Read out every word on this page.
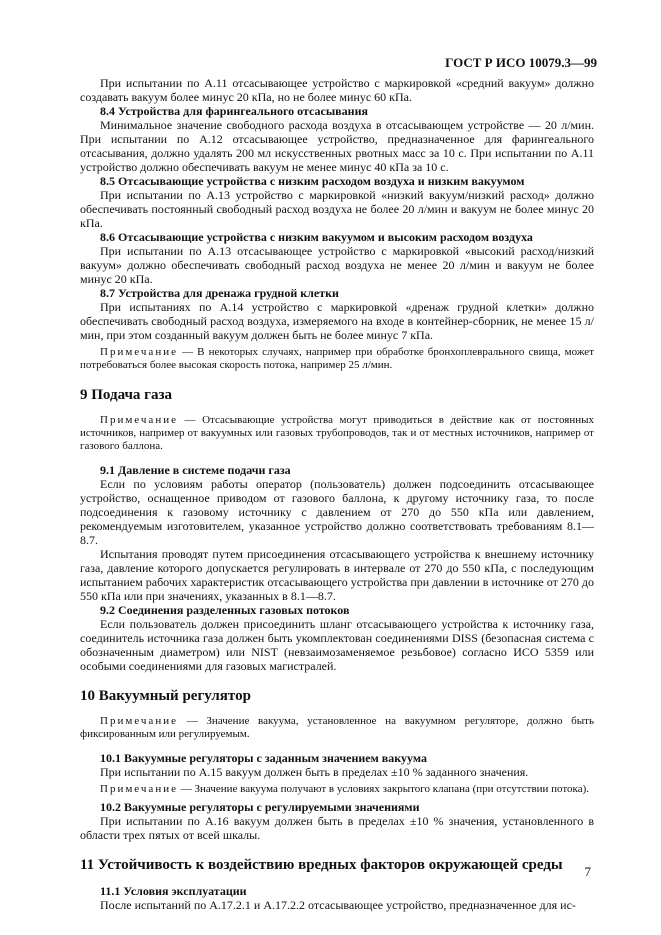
ГОСТ Р ИСО 10079.3—99

При испытании по А.11 отсасывающее устройство с маркировкой «средний вакуум» должно создавать вакуум более минус 20 кПа, но не более минус 60 кПа.

8.4 Устройства для фарингеального отсасывания

Минимальное значение свободного расхода воздуха в отсасывающем устройстве — 20 л/мин. При испытании по А.12 отсасывающее устройство, предназначенное для фарингеального отсасывания, должно удалять 200 мл искусственных рвотных масс за 10 с. При испытании по А.11 устройство должно обеспечивать вакуум не менее минус 40 кПа за 10 с.

8.5 Отсасывающие устройства с низким расходом воздуха и низким вакуумом

При испытании по А.13 устройство с маркировкой «низкий вакуум/низкий расход» должно обеспечивать постоянный свободный расход воздуха не более 20 л/мин и вакуум не более минус 20 кПа.

8.6 Отсасывающие устройства с низким вакуумом и высоким расходом воздуха

При испытании по А.13 отсасывающее устройство с маркировкой «высокий расход/низкий вакуум» должно обеспечивать свободный расход воздуха не менее 20 л/мин и вакуум не более минус 20 кПа.

8.7 Устройства для дренажа грудной клетки

При испытаниях по А.14 устройство с маркировкой «дренаж грудной клетки» должно обеспечивать свободный расход воздуха, измеряемого на входе в контейнер-сборник, не менее 15 л/мин, при этом созданный вакуум должен быть не более минус 7 кПа.

Примечание — В некоторых случаях, например при обработке бронхоплеврального свища, может потребоваться более высокая скорость потока, например 25 л/мин.

9 Подача газа

Примечание — Отсасывающие устройства могут приводиться в действие как от постоянных источников, например от вакуумных или газовых трубопроводов, так и от местных источников, например от газового баллона.

9.1 Давление в системе подачи газа

Если по условиям работы оператор (пользователь) должен подсоединить отсасывающее устройство, оснащенное приводом от газового баллона, к другому источнику газа, то после подсоединения к газовому источнику с давлением от 270 до 550 кПа или давлением, рекомендуемым изготовителем, указанное устройство должно соответствовать требованиям 8.1—8.7.

Испытания проводят путем присоединения отсасывающего устройства к внешнему источнику газа, давление которого допускается регулировать в интервале от 270 до 550 кПа, с последующим испытанием рабочих характеристик отсасывающего устройства при давлении в источнике от 270 до 550 кПа или при значениях, указанных в 8.1—8.7.

9.2 Соединения разделенных газовых потоков

Если пользователь должен присоединить шланг отсасывающего устройства к источнику газа, соединитель источника газа должен быть укомплектован соединениями DISS (безопасная система с обозначенным диаметром) или NIST (невзаимозаменяемое резьбовое) согласно ИСО 5359 или особыми соединениями для газовых магистралей.

10 Вакуумный регулятор

Примечание — Значение вакуума, установленное на вакуумном регуляторе, должно быть фиксированным или регулируемым.

10.1 Вакуумные регуляторы с заданным значением вакуума

При испытании по А.15 вакуум должен быть в пределах ±10 % заданного значения.

Примечание — Значение вакуума получают в условиях закрытого клапана (при отсутствии потока).

10.2 Вакуумные регуляторы с регулируемыми значениями

При испытании по А.16 вакуум должен быть в пределах ±10 % значения, установленного в области трех пятых от всей шкалы.

11 Устойчивость к воздействию вредных факторов окружающей среды

11.1 Условия эксплуатации

После испытаний по А.17.2.1 и А.17.2.2 отсасывающее устройство, предназначенное для ис-

7
